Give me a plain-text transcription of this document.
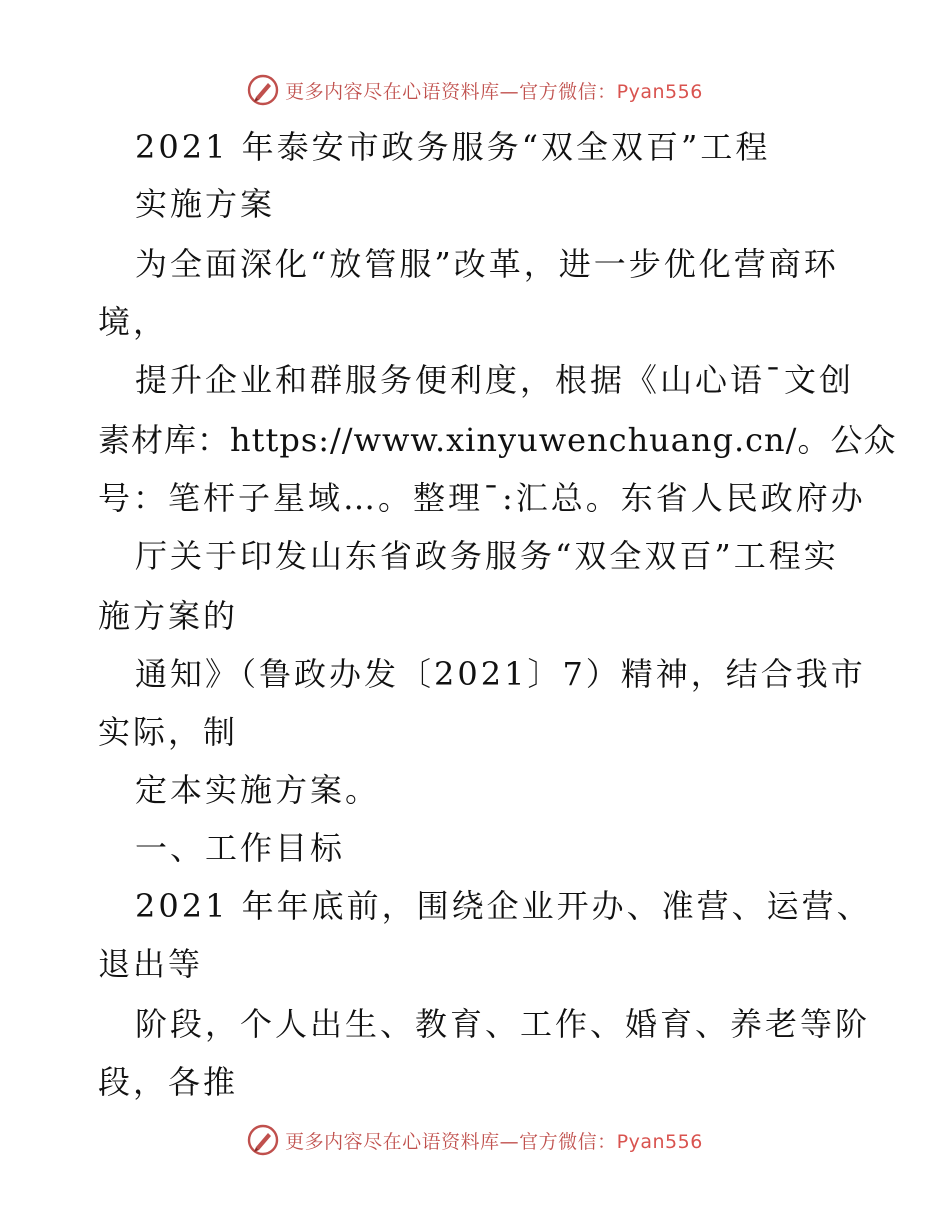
更多内容尽在心语资料库—官方微信：Pyan556
2021 年泰安市政务服务“双全双百”工程
实施方案
为全面深化“放管服”改革，进一步优化营商环
境，
提升企业和群服务便利度，根据《山心语¯文创
素材库：https://www.xinyuwenchuang.cn/。公众
号：笔杆子星域…。整理¯:汇总。东省人民政府办
厅关于印发山东省政务服务“双全双百”工程实
施方案的
通知》（鲁政办发〔2021〕7）精神，结合我市
实际，制
定本实施方案。
一、工作目标
2021 年年底前，围绕企业开办、准营、运营、
退出等
阶段，个人出生、教育、工作、婚育、养老等阶
段，各推
更多内容尽在心语资料库—官方微信：Pyan556
